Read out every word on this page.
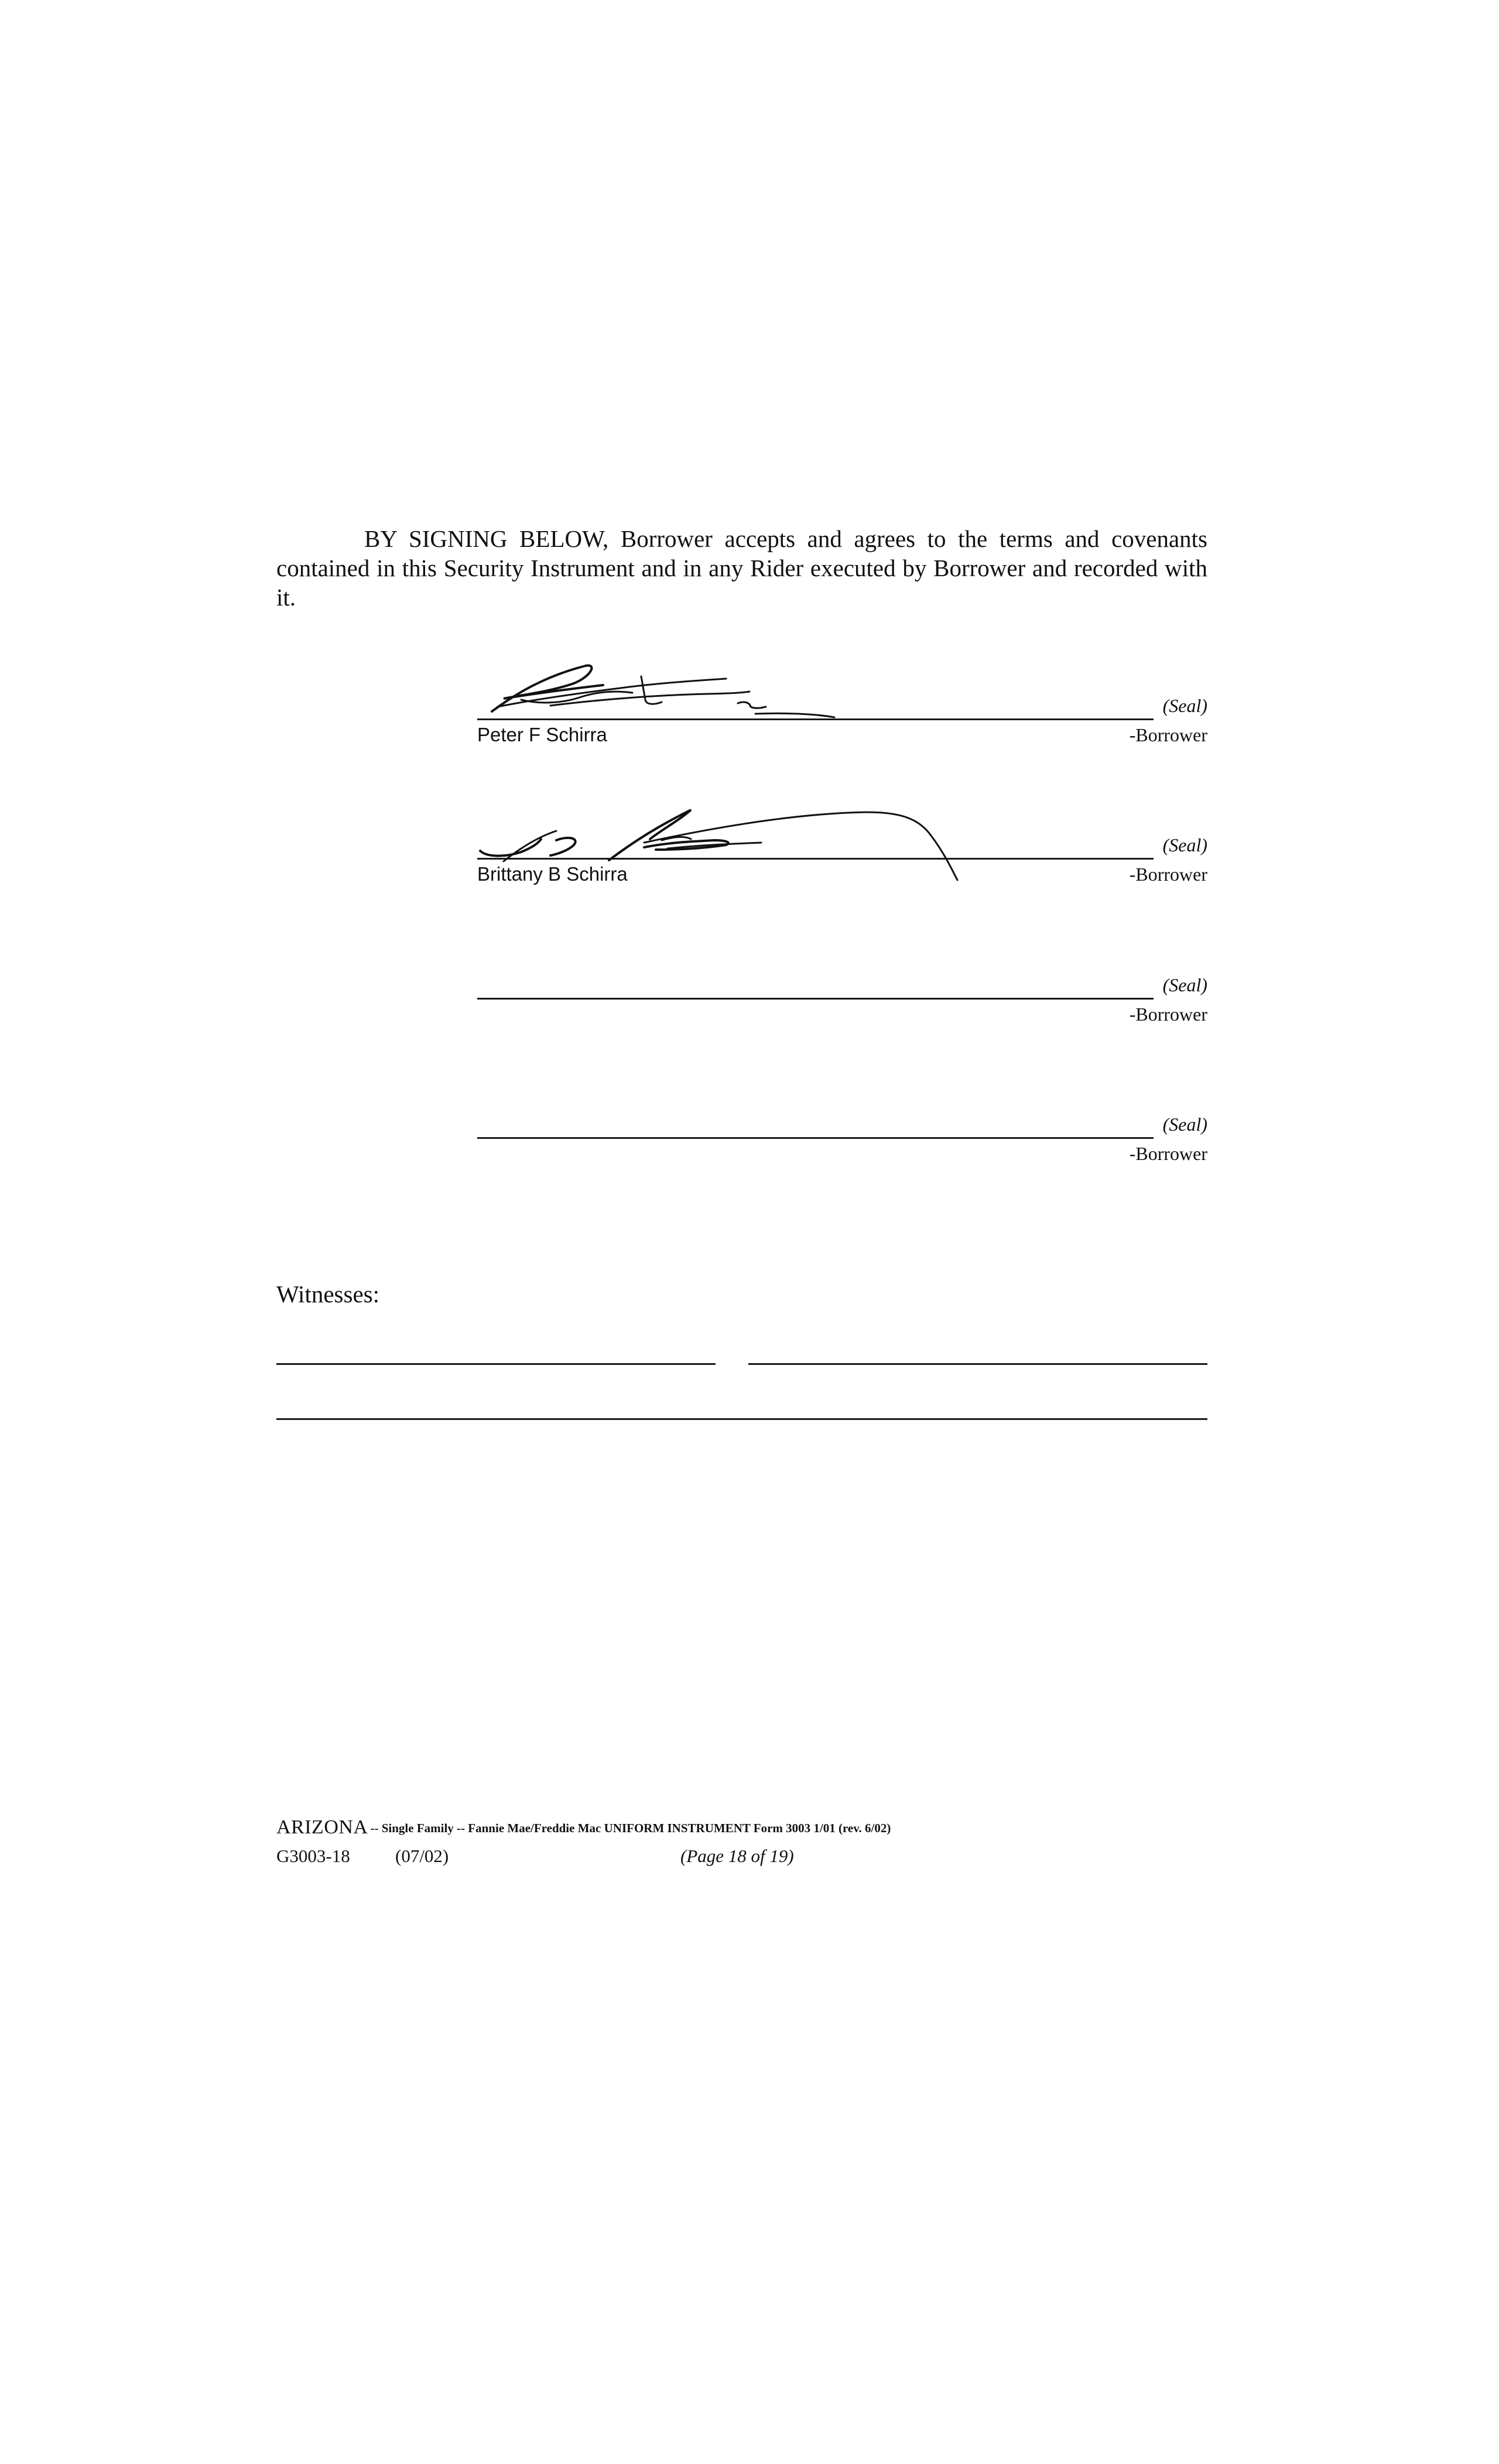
BY SIGNING BELOW, Borrower accepts and agrees to the terms and covenants contained in this Security Instrument and in any Rider executed by Borrower and recorded with it.
(Seal)
Peter F Schirra	-Borrower
(Seal)
Brittany B Schirra	-Borrower
(Seal)
-Borrower
(Seal)
-Borrower
Witnesses:
ARIZONA -- Single Family -- Fannie Mae/Freddie Mac UNIFORM INSTRUMENT Form 3003 1/01 (rev. 6/02)
G3003-18 (07/02)	(Page 18 of 19)
